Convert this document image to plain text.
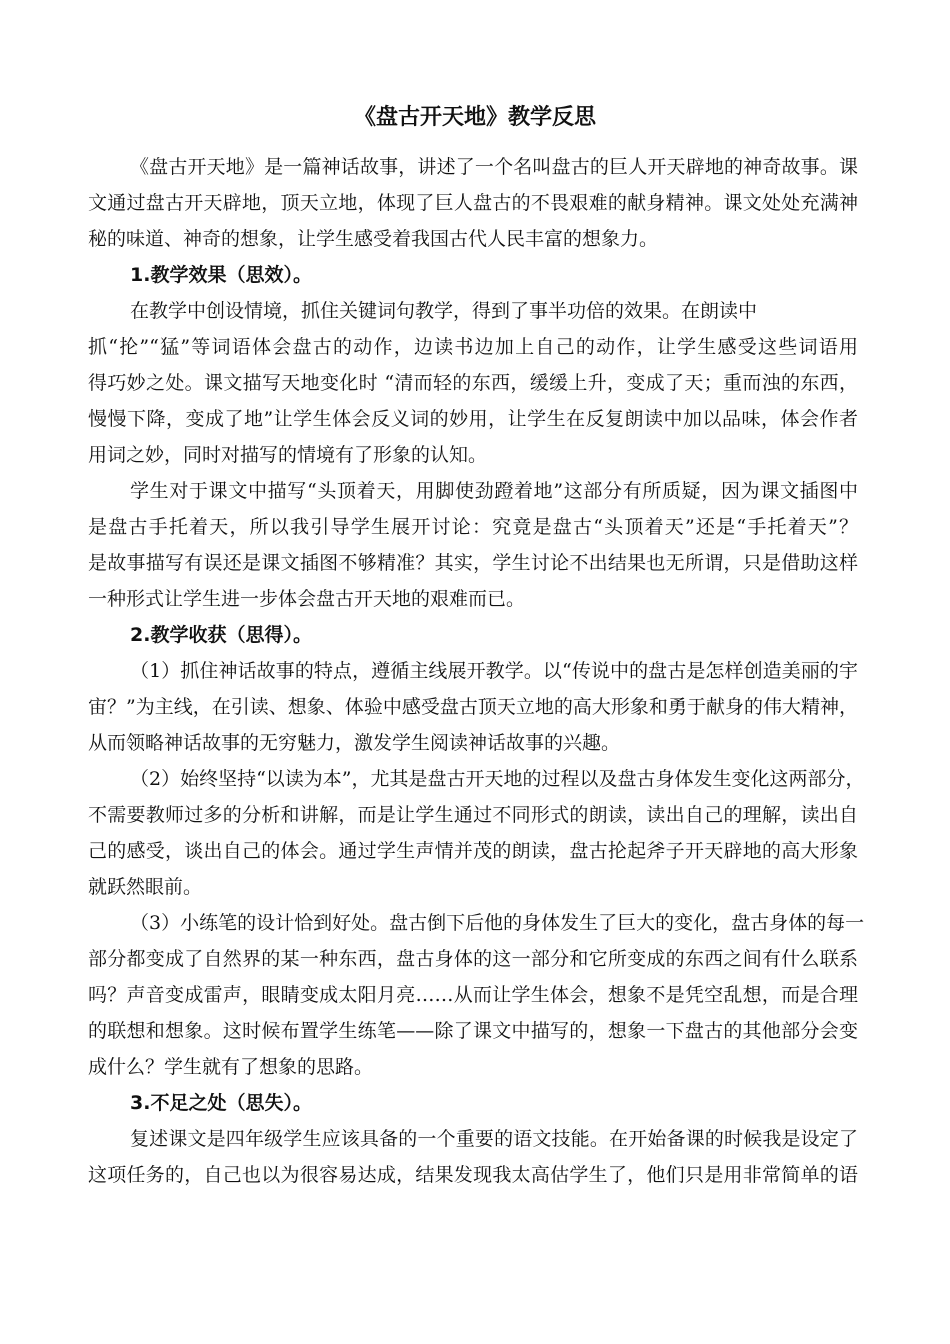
《盘古开天地》教学反思
《盘古开天地》是一篇神话故事，讲述了一个名叫盘古的巨人开天辟地的神奇故事。课
文通过盘古开天辟地，顶天立地，体现了巨人盘古的不畏艰难的献身精神。课文处处充满神
秘的味道、神奇的想象，让学生感受着我国古代人民丰富的想象力。
1.教学效果（思效）。
在教学中创设情境，抓住关键词句教学，得到了事半功倍的效果。在朗读中
抓“抡”“猛”等词语体会盘古的动作，边读书边加上自己的动作，让学生感受这些词语用
得巧妙之处。课文描写天地变化时 “清而轻的东西，缓缓上升，变成了天；重而浊的东西，
慢慢下降，变成了地”让学生体会反义词的妙用，让学生在反复朗读中加以品味，体会作者
用词之妙，同时对描写的情境有了形象的认知。
学生对于课文中描写“头顶着天，用脚使劲蹬着地”这部分有所质疑，因为课文插图中
是盘古手托着天，所以我引导学生展开讨论：究竟是盘古“头顶着天”还是“手托着天”？
是故事描写有误还是课文插图不够精准？其实，学生讨论不出结果也无所谓，只是借助这样
一种形式让学生进一步体会盘古开天地的艰难而已。
2.教学收获（思得）。
（1）抓住神话故事的特点，遵循主线展开教学。以“传说中的盘古是怎样创造美丽的宇
宙？”为主线，在引读、想象、体验中感受盘古顶天立地的高大形象和勇于献身的伟大精神，
从而领略神话故事的无穷魅力，激发学生阅读神话故事的兴趣。
（2）始终坚持“以读为本”，尤其是盘古开天地的过程以及盘古身体发生变化这两部分，
不需要教师过多的分析和讲解，而是让学生通过不同形式的朗读，读出自己的理解，读出自
己的感受，谈出自己的体会。通过学生声情并茂的朗读，盘古抡起斧子开天辟地的高大形象
就跃然眼前。
（3）小练笔的设计恰到好处。盘古倒下后他的身体发生了巨大的变化，盘古身体的每一
部分都变成了自然界的某一种东西，盘古身体的这一部分和它所变成的东西之间有什么联系
吗？声音变成雷声，眼睛变成太阳月亮……从而让学生体会，想象不是凭空乱想，而是合理
的联想和想象。这时候布置学生练笔——除了课文中描写的，想象一下盘古的其他部分会变
成什么？学生就有了想象的思路。
3.不足之处（思失）。
复述课文是四年级学生应该具备的一个重要的语文技能。在开始备课的时候我是设定了
这项任务的，自己也以为很容易达成，结果发现我太高估学生了，他们只是用非常简单的语
